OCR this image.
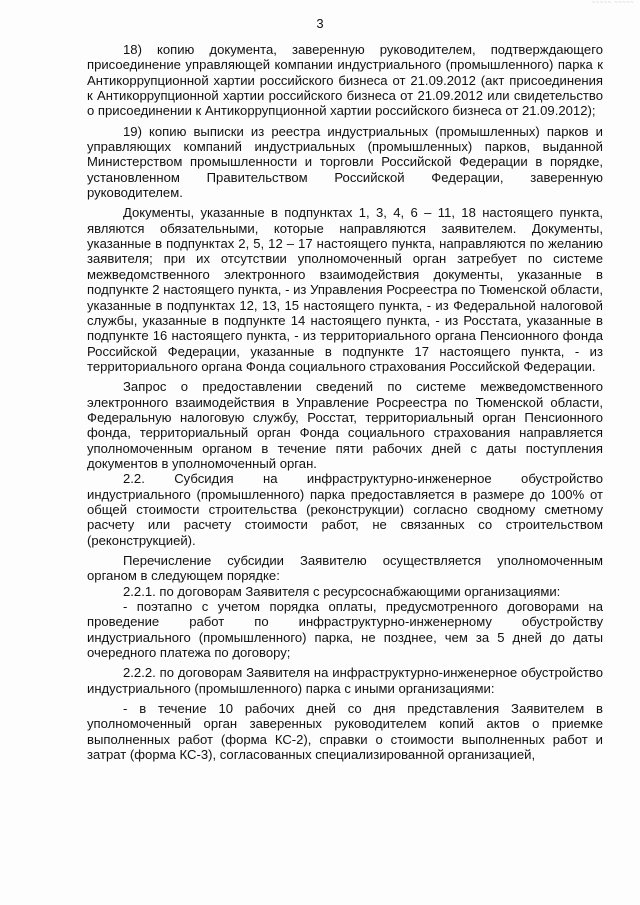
~~~~~ ~~~~~
3

18) копию документа, заверенную руководителем, подтверждающего присоединение управляющей компании индустриального (промышленного) парка к Антикоррупционной хартии российского бизнеса от 21.09.2012 (акт присоединения к Антикоррупционной хартии российского бизнеса от 21.09.2012 или свидетельство о присоединении к Антикоррупционной хартии российского бизнеса от 21.09.2012);

19) копию выписки из реестра индустриальных (промышленных) парков и управляющих компаний индустриальных (промышленных) парков, выданной Министерством промышленности и торговли Российской Федерации в порядке, установленном Правительством Российской Федерации, заверенную руководителем.

Документы, указанные в подпунктах 1, 3, 4, 6 – 11, 18 настоящего пункта, являются обязательными, которые направляются заявителем. Документы, указанные в подпунктах 2, 5, 12 – 17 настоящего пункта, направляются по желанию заявителя; при их отсутствии уполномоченный орган затребует по системе межведомственного электронного взаимодействия документы, указанные в подпункте 2 настоящего пункта, - из Управления Росреестра по Тюменской области, указанные в подпунктах 12, 13, 15 настоящего пункта, - из Федеральной налоговой службы, указанные в подпункте 14 настоящего пункта, - из Росстата, указанные в подпункте 16 настоящего пункта, - из территориального органа Пенсионного фонда Российской Федерации, указанные в подпункте 17 настоящего пункта, - из территориального органа Фонда социального страхования Российской Федерации.

Запрос о предоставлении сведений по системе межведомственного электронного взаимодействия в Управление Росреестра по Тюменской области, Федеральную налоговую службу, Росстат, территориальный орган Пенсионного фонда, территориальный орган Фонда социального страхования направляется уполномоченным органом в течение пяти рабочих дней с даты поступления документов в уполномоченный орган.

2.2. Субсидия на инфраструктурно-инженерное обустройство индустриального (промышленного) парка предоставляется в размере до 100% от общей стоимости строительства (реконструкции) согласно сводному сметному расчету или расчету стоимости работ, не связанных со строительством (реконструкцией).

Перечисление субсидии Заявителю осуществляется уполномоченным органом в следующем порядке:

2.2.1. по договорам Заявителя с ресурсоснабжающими организациями:

- поэтапно с учетом порядка оплаты, предусмотренного договорами на проведение работ по инфраструктурно-инженерному обустройству индустриального (промышленного) парка, не позднее, чем за 5 дней до даты очередного платежа по договору;

2.2.2. по договорам Заявителя на инфраструктурно-инженерное обустройство индустриального (промышленного) парка с иными организациями:

- в течение 10 рабочих дней со дня представления Заявителем в уполномоченный орган заверенных руководителем копий актов о приемке выполненных работ (форма КС-2), справки о стоимости выполненных работ и затрат (форма КС-3), согласованных специализированной организацией,
